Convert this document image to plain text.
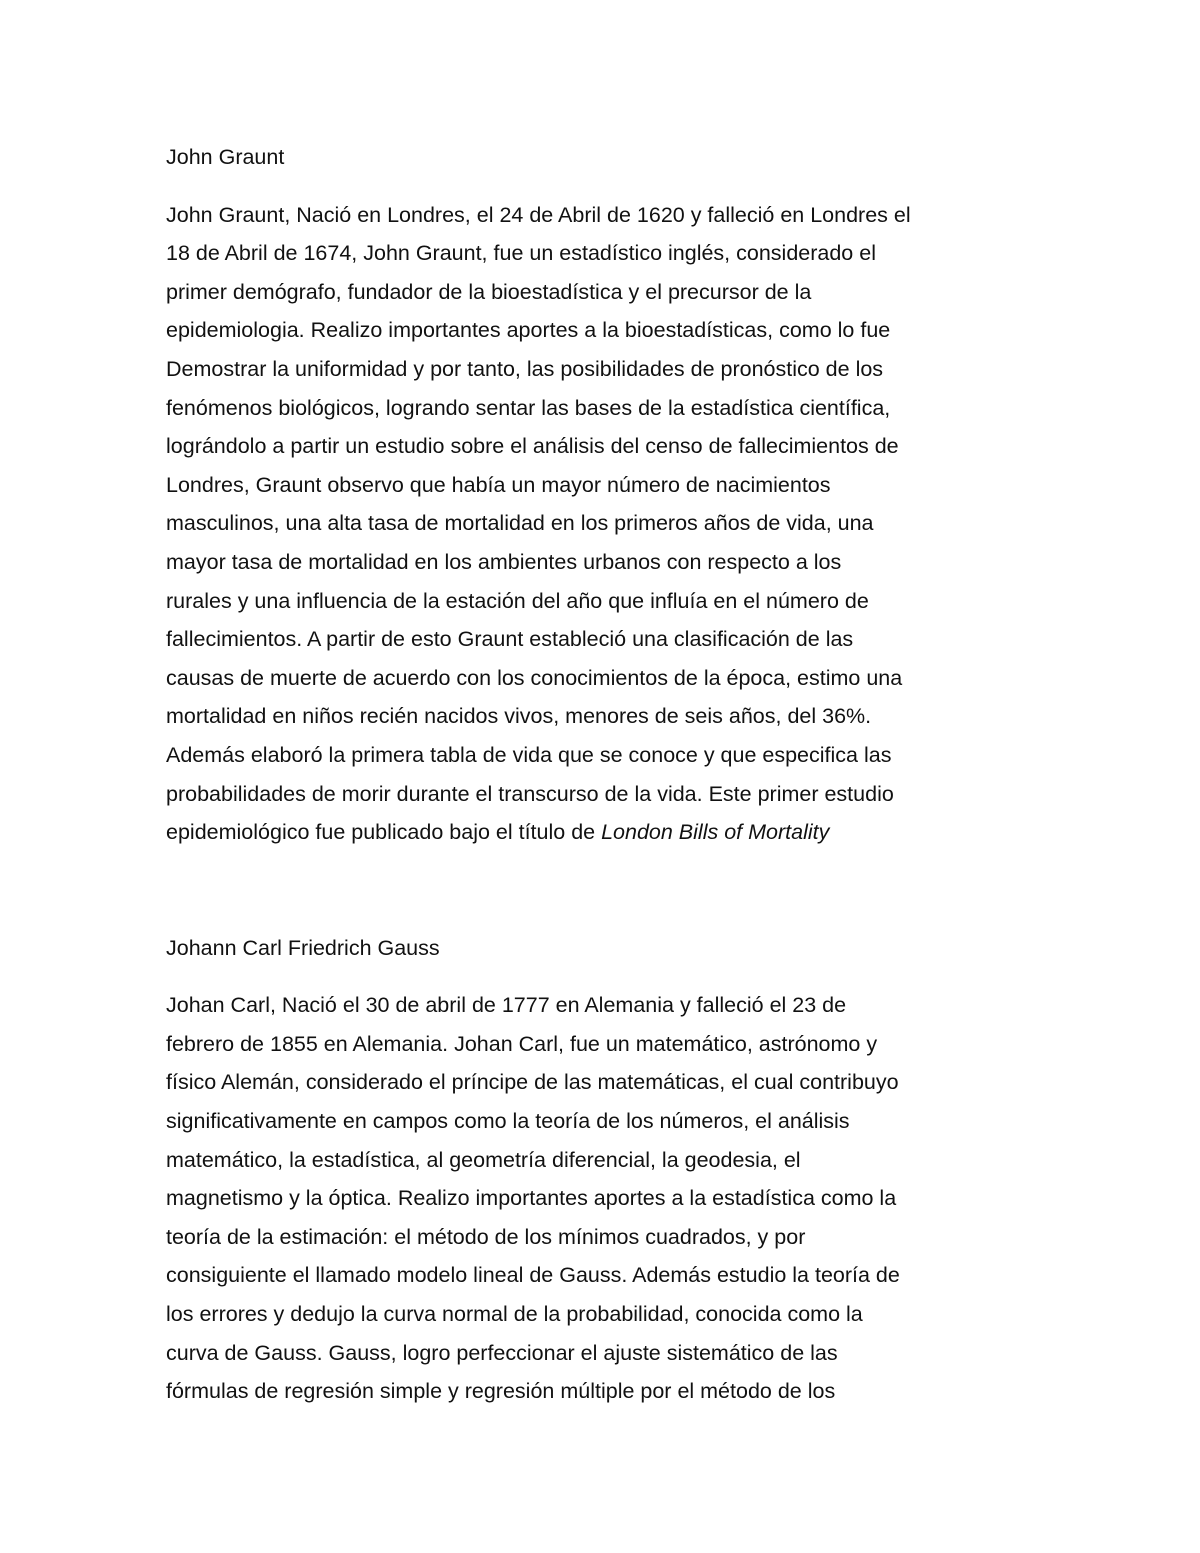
John Graunt
John Graunt, Nació en Londres, el 24 de Abril de 1620 y falleció en Londres el
18 de Abril de 1674, John Graunt, fue un estadístico inglés, considerado el
primer demógrafo, fundador de la bioestadística y el precursor de la
epidemiologia. Realizo importantes aportes a la bioestadísticas, como lo fue
Demostrar la uniformidad y por tanto, las posibilidades de pronóstico de los
fenómenos biológicos, logrando sentar las bases de la estadística científica,
lográndolo a partir un estudio sobre el análisis del censo de fallecimientos de
Londres, Graunt observo que había un mayor número de nacimientos
masculinos, una alta tasa de mortalidad en los primeros años de vida, una
mayor tasa de mortalidad en los ambientes urbanos con respecto a los
rurales y una influencia de la estación del año que influía en el número de
fallecimientos. A partir de esto Graunt estableció una clasificación de las
causas de muerte de acuerdo con los conocimientos de la época, estimo una
mortalidad en niños recién nacidos vivos, menores de seis años, del 36%.
Además elaboró la primera tabla de vida que se conoce y que especifica las
probabilidades de morir durante el transcurso de la vida. Este primer estudio
epidemiológico fue publicado bajo el título de London Bills of Mortality
Johann Carl Friedrich Gauss
Johan Carl, Nació el 30 de abril de 1777 en Alemania y falleció el 23 de
febrero de 1855 en Alemania. Johan Carl, fue un matemático, astrónomo y
físico Alemán, considerado el príncipe de las matemáticas, el cual contribuyo
significativamente en campos como la teoría de los números, el análisis
matemático, la estadística, al geometría diferencial, la geodesia, el
magnetismo y la óptica. Realizo importantes aportes a la estadística como la
teoría de la estimación: el método de los mínimos cuadrados, y por
consiguiente el llamado modelo lineal de Gauss. Además estudio la teoría de
los errores y dedujo la curva normal de la probabilidad, conocida como la
curva de Gauss. Gauss, logro perfeccionar el ajuste sistemático de las
fórmulas de regresión simple y regresión múltiple por el método de los
